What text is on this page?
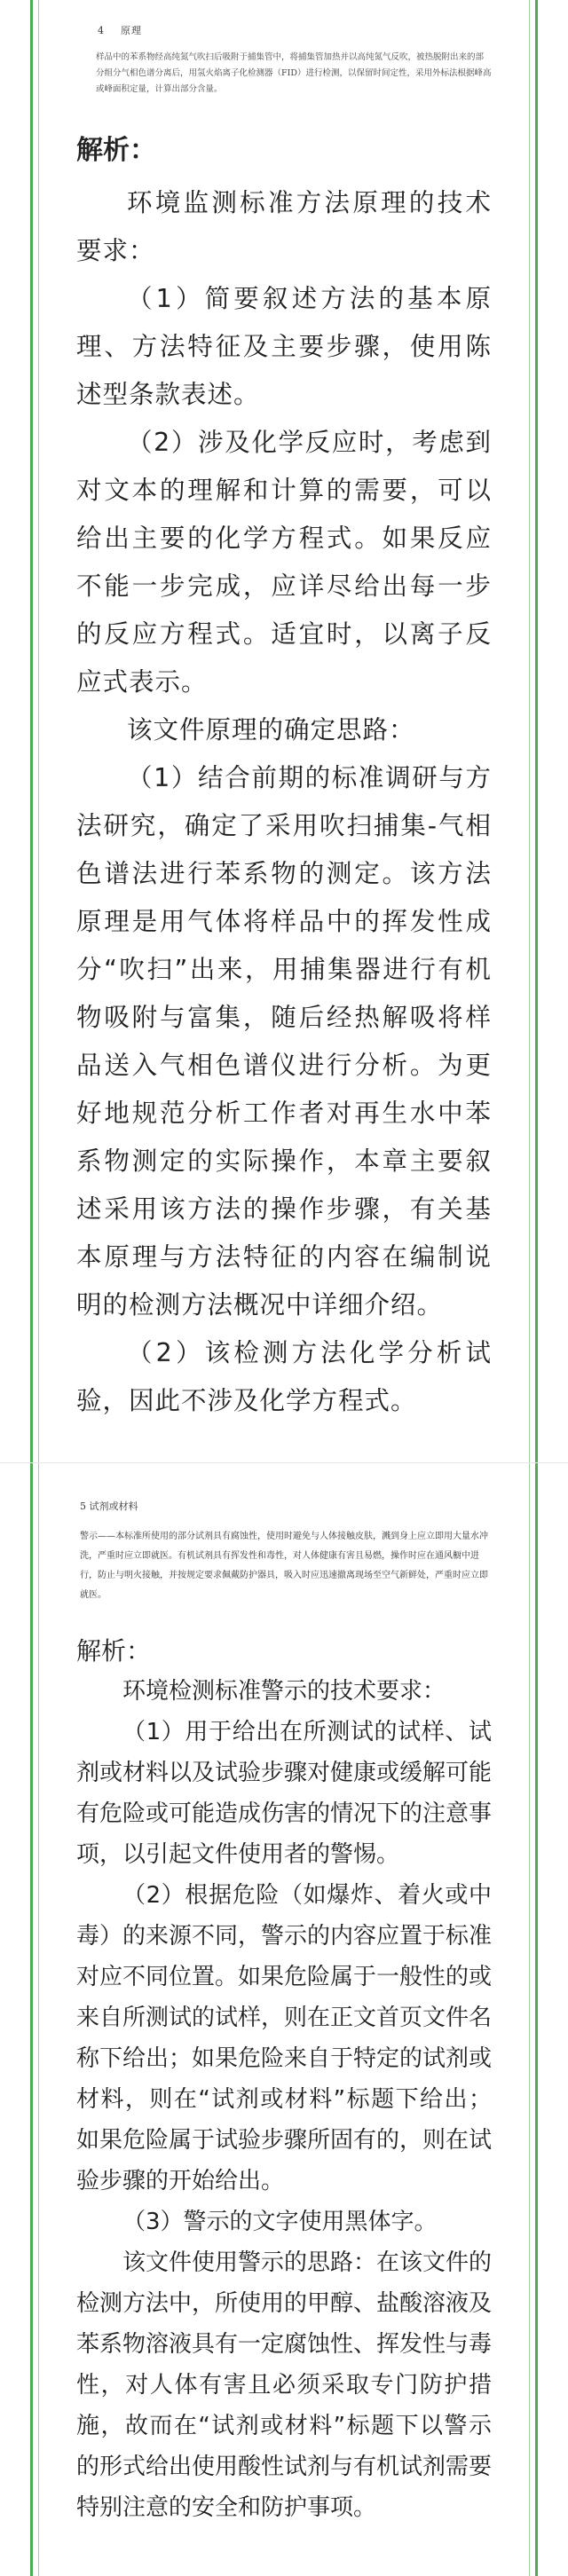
4 原理
样品中的苯系物经高纯氮气吹扫后吸附于捕集管中，将捕集管加热并以高纯氮气反吹，被热脱附出来的部分组分气相色谱分离后，用氢火焰离子化检测器（FID）进行检测，以保留时间定性，采用外标法根据峰高或峰面积定量，计算出部分含量。
解析：

环境监测标准方法原理的技术要求：

（1）简要叙述方法的基本原理、方法特征及主要步骤，使用陈述型条款表述。

（2）涉及化学反应时，考虑到对文本的理解和计算的需要，可以给出主要的化学方程式。如果反应不能一步完成，应详尽给出每一步的反应方程式。适宜时，以离子反应式表示。

该文件原理的确定思路：

（1）结合前期的标准调研与方法研究，确定了采用吹扫捕集-气相色谱法进行苯系物的测定。该方法原理是用气体将样品中的挥发性成分“吹扫”出来，用捕集器进行有机物吸附与富集，随后经热解吸将样品送入气相色谱仪进行分析。为更好地规范分析工作者对再生水中苯系物测定的实际操作，本章主要叙述采用该方法的操作步骤，有关基本原理与方法特征的内容在编制说明的检测方法概况中详细介绍。

（2）该检测方法化学分析试验，因此不涉及化学方程式。

5 试剂或材料
警示——本标准所使用的部分试剂具有腐蚀性，使用时避免与人体接触皮肤，溅到身上应立即用大量水冲洗，严重时应立即就医。有机试剂具有挥发性和毒性，对人体健康有害且易燃，操作时应在通风橱中进行，防止与明火接触，并按规定要求佩戴防护器具，吸入时应迅速撤离现场至空气新鲜处，严重时应立即就医。
解析：

环境检测标准警示的技术要求：

（1）用于给出在所测试的试样、试剂或材料以及试验步骤对健康或缓解可能有危险或可能造成伤害的情况下的注意事项，以引起文件使用者的警惕。

（2）根据危险（如爆炸、着火或中毒）的来源不同，警示的内容应置于标准对应不同位置。如果危险属于一般性的或来自所测试的试样，则在正文首页文件名称下给出；如果危险来自于特定的试剂或材料，则在“试剂或材料”标题下给出；如果危险属于试验步骤所固有的，则在试验步骤的开始给出。

（3）警示的文字使用黑体字。

该文件使用警示的思路：在该文件的检测方法中，所使用的甲醇、盐酸溶液及苯系物溶液具有一定腐蚀性、挥发性与毒性，对人体有害且必须采取专门防护措施，故而在“试剂或材料”标题下以警示的形式给出使用酸性试剂与有机试剂需要特别注意的安全和防护事项。
